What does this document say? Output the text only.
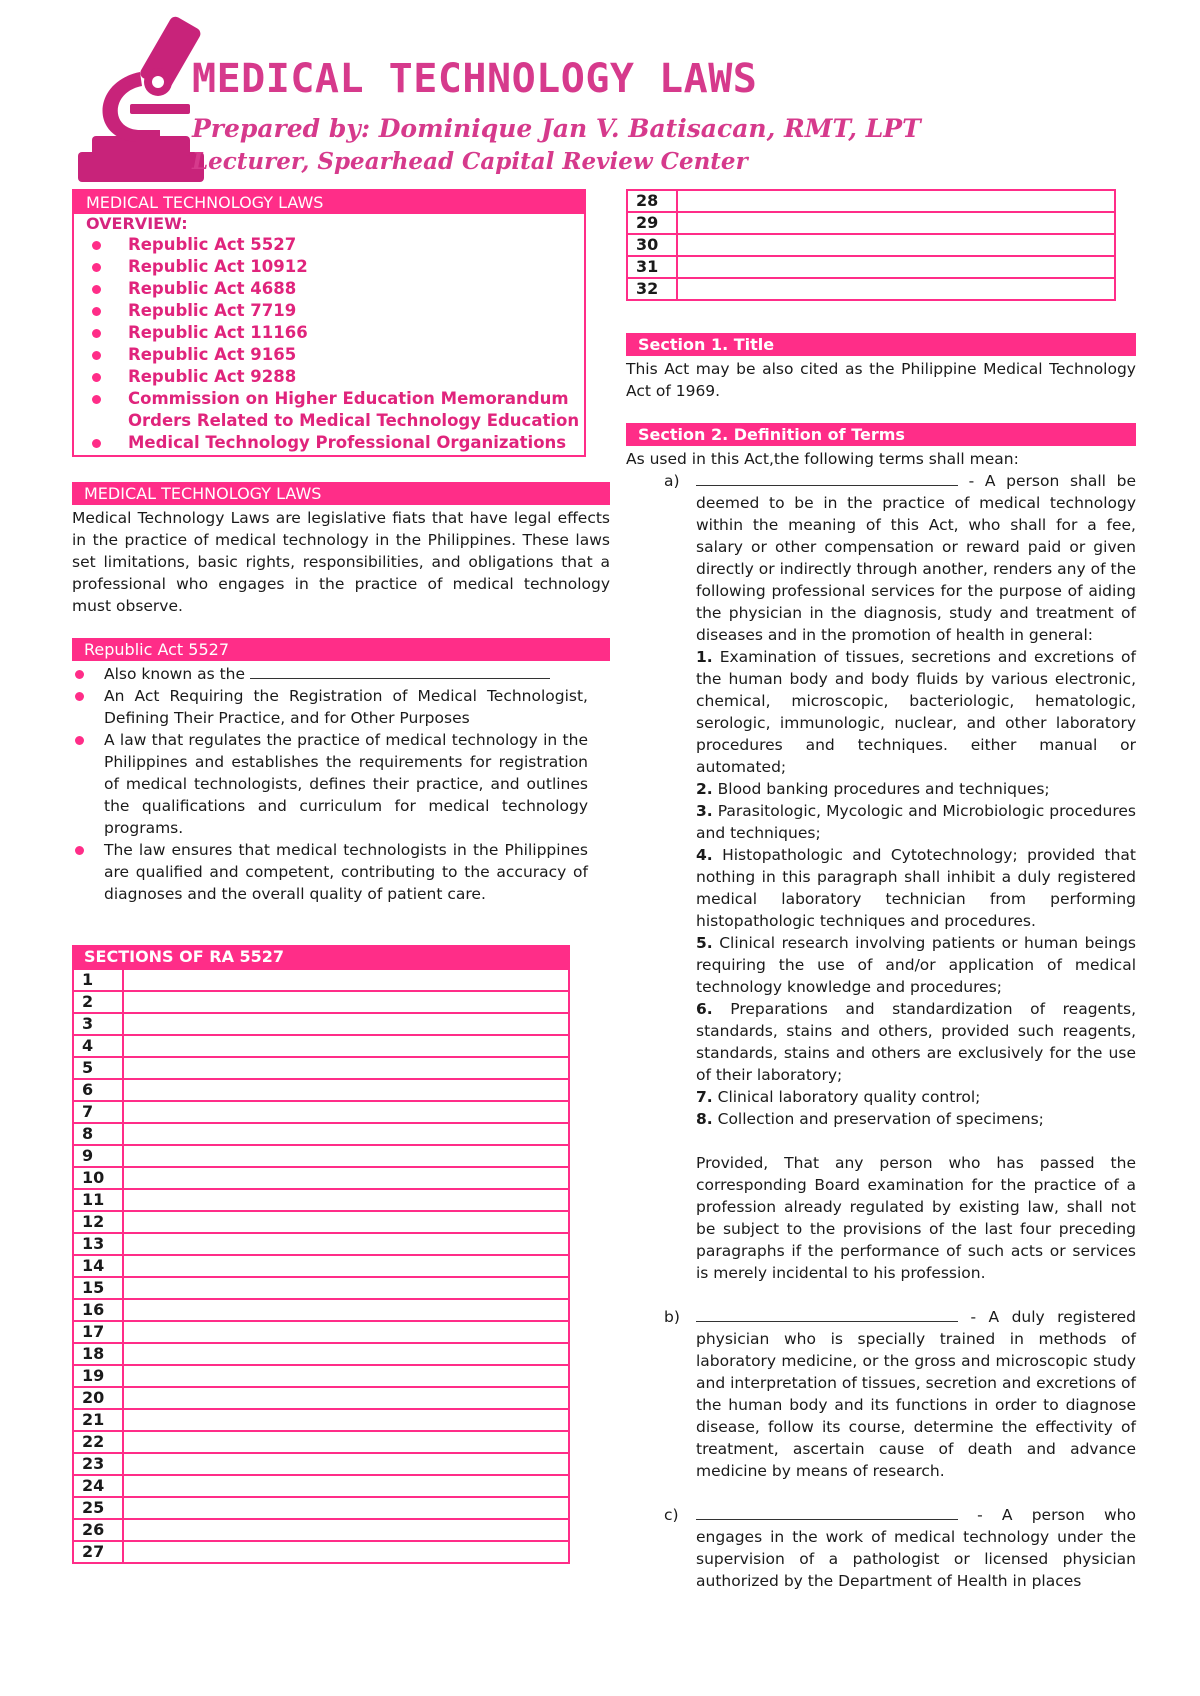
MEDICAL TECHNOLOGY LAWS
Prepared by: Dominique Jan V. Batisacan, RMT, LPT
Lecturer, Spearhead Capital Review Center
MEDICAL TECHNOLOGY LAWS
OVERVIEW:
Republic Act 5527
Republic Act 10912
Republic Act 4688
Republic Act 7719
Republic Act 11166
Republic Act 9165
Republic Act 9288
Commission on Higher Education Memorandum Orders Related to Medical Technology Education
Medical Technology Professional Organizations
MEDICAL TECHNOLOGY LAWS

Medical Technology Laws are legislative fiats that have legal effects in the practice of medical technology in the Philippines. These laws set limitations, basic rights, responsibilities, and obligations that a professional who engages in the practice of medical technology must observe.

Republic Act 5527
Also known as the
An Act Requiring the Registration of Medical Technologist, Defining Their Practice, and for Other Purposes
A law that regulates the practice of medical technology in the Philippines and establishes the requirements for registration of medical technologists, defines their practice, and outlines the qualifications and curriculum for medical technology programs.
The law ensures that medical technologists in the Philippines are qualified and competent, contributing to the accuracy of diagnoses and the overall quality of patient care.
SECTIONS OF RA 5527
1	
2	
3	
4	
5	
6	
7	
8	
9	
10	
11	
12	
13	
14	
15	
16	
17	
18	
19	
20	
21	
22	
23	
24	
25	
26	
27	
28	
29	
30	
31	
32	
Section 1. Title

This Act may be also cited as the Philippine Medical Technology Act of 1969.

Section 2. Definition of Terms
As used in this Act,the following terms shall mean:
a)	- A person shall be deemed to be in the practice of medical technology within the meaning of this Act, who shall for a fee, salary or other compensation or reward paid or given directly or indirectly through another, renders any of the following professional services for the purpose of aiding the physician in the diagnosis, study and treatment of diseases and in the promotion of health in general:
1. Examination of tissues, secretions and excretions of the human body and body fluids by various electronic, chemical, microscopic, bacteriologic, hematologic, serologic, immunologic, nuclear, and other laboratory procedures and techniques. either manual or automated;
2. Blood banking procedures and techniques;
3. Parasitologic, Mycologic and Microbiologic procedures and techniques;
4. Histopathologic and Cytotechnology; provided that nothing in this paragraph shall inhibit a duly registered medical laboratory technician from performing histopathologic techniques and procedures.
5. Clinical research involving patients or human beings requiring the use of and/or application of medical technology knowledge and procedures;
6. Preparations and standardization of reagents, standards, stains and others, provided such reagents, standards, stains and others are exclusively for the use of their laboratory;
7. Clinical laboratory quality control;
8. Collection and preservation of specimens;
Provided, That any person who has passed the corresponding Board examination for the practice of a profession already regulated by existing law, shall not be subject to the provisions of the last four preceding paragraphs if the performance of such acts or services is merely incidental to his profession.
b)	- A duly registered physician who is specially trained in methods of laboratory medicine, or the gross and microscopic study and interpretation of tissues, secretion and excretions of the human body and its functions in order to diagnose disease, follow its course, determine the effectivity of treatment, ascertain cause of death and advance medicine by means of research.
c)	- A person who engages in the work of medical technology under the supervision of a pathologist or licensed physician authorized by the Department of Health in places
